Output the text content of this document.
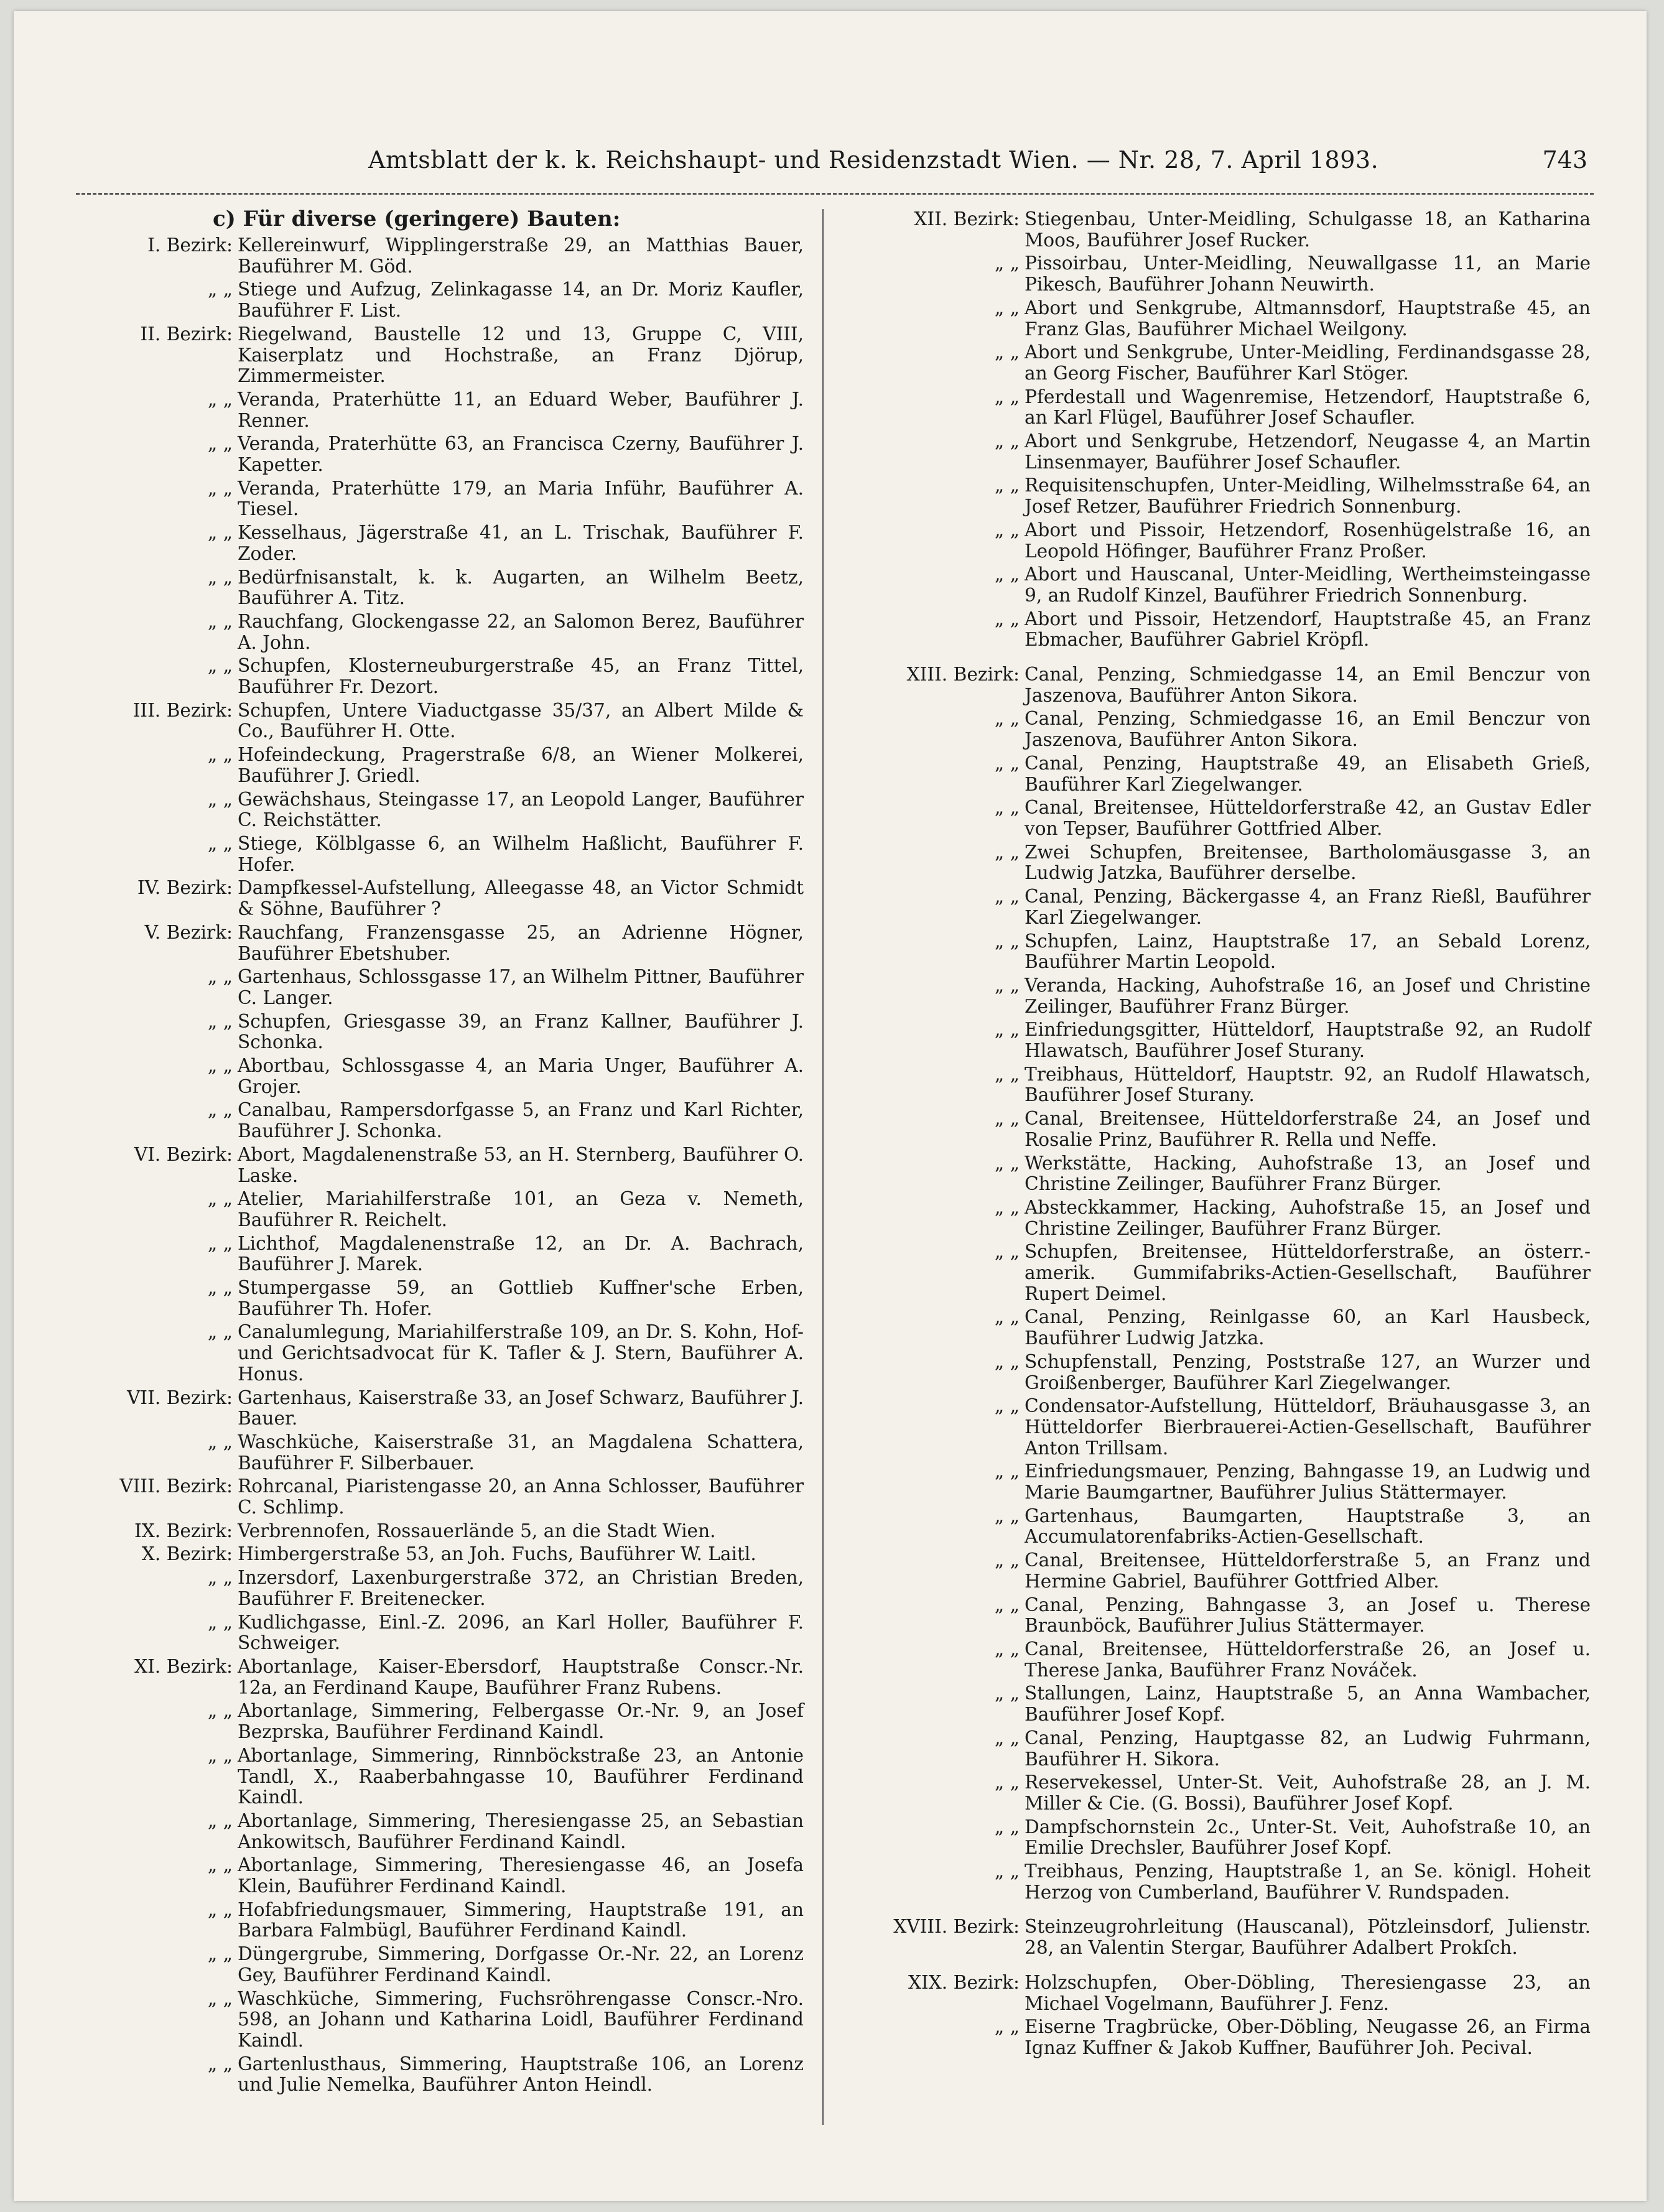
Amtsblatt der k. k. Reichshaupt- und Residenzstadt Wien. — Nr. 28, 7. April 1893.	743
c) Für diverse (geringere) Bauten:
I. Bezirk: Kellereinwurf, Wipplingerstraße 29, an Matthias Bauer, Bauführer M. Göd.
„ „ Stiege und Aufzug, Zelinkagasse 14, an Dr. Moriz Kaufler, Bauführer F. List.
II. Bezirk: Riegelwand, Baustelle 12 und 13, Gruppe C, VIII, Kaiserplatz und Hochstraße, an Franz Djörup, Zimmermeister.
„ „ Veranda, Praterhütte 11, an Eduard Weber, Bauführer J. Renner.
„ „ Veranda, Praterhütte 63, an Francisca Czerny, Bauführer J. Kapetter.
„ „ Veranda, Praterhütte 179, an Maria Inführ, Bauführer A. Tiesel.
„ „ Kesselhaus, Jägerstraße 41, an L. Trischak, Bauführer F. Zoder.
„ „ Bedürfnisanstalt, k. k. Augarten, an Wilhelm Beetz, Bauführer A. Titz.
„ „ Rauchfang, Glockengasse 22, an Salomon Berez, Bauführer A. John.
„ „ Schupfen, Klosterneuburgerstraße 45, an Franz Tittel, Bauführer Fr. Dezort.
III. Bezirk: Schupfen, Untere Viaductgasse 35/37, an Albert Milde & Co., Bauführer H. Otte.
„ „ Hofeindeckung, Pragerstraße 6/8, an Wiener Molkerei, Bauführer J. Griedl.
„ „ Gewächshaus, Steingasse 17, an Leopold Langer, Bauführer C. Reichstätter.
„ „ Stiege, Kölblgasse 6, an Wilhelm Haßlicht, Bauführer F. Hofer.
IV. Bezirk: Dampfkessel-Aufstellung, Alleegasse 48, an Victor Schmidt & Söhne, Bauführer ?
V. Bezirk: Rauchfang, Franzensgasse 25, an Adrienne Högner, Bauführer Ebetshuber.
„ „ Gartenhaus, Schlossgasse 17, an Wilhelm Pittner, Bauführer C. Langer.
„ „ Schupfen, Griesgasse 39, an Franz Kallner, Bauführer J. Schonka.
„ „ Abortbau, Schlossgasse 4, an Maria Unger, Bauführer A. Grojer.
„ „ Canalbau, Rampersdorfgasse 5, an Franz und Karl Richter, Bauführer J. Schonka.
VI. Bezirk: Abort, Magdalenenstraße 53, an H. Sternberg, Bauführer O. Laske.
„ „ Atelier, Mariahilferstraße 101, an Geza v. Nemeth, Bauführer R. Reichelt.
„ „ Lichthof, Magdalenenstraße 12, an Dr. A. Bachrach, Bauführer J. Marek.
„ „ Stumpergasse 59, an Gottlieb Kuffner'sche Erben, Bauführer Th. Hofer.
„ „ Canalumlegung, Mariahilferstraße 109, an Dr. S. Kohn, Hof- und Gerichtsadvocat für K. Tafler & J. Stern, Bauführer A. Honus.
VII. Bezirk: Gartenhaus, Kaiserstraße 33, an Josef Schwarz, Bauführer J. Bauer.
„ „ Waschküche, Kaiserstraße 31, an Magdalena Schattera, Bauführer F. Silberbauer.
VIII. Bezirk: Rohrcanal, Piaristengasse 20, an Anna Schlosser, Bauführer C. Schlimp.
IX. Bezirk: Verbrennofen, Rossauerlände 5, an die Stadt Wien.
X. Bezirk: Himbergerstraße 53, an Joh. Fuchs, Bauführer W. Laitl.
„ „ Inzersdorf, Laxenburgerstraße 372, an Christian Breden, Bauführer F. Breitenecker.
„ „ Kudlichgasse, Einl.-Z. 2096, an Karl Holler, Bauführer F. Schweiger.
XI. Bezirk: Abortanlage, Kaiser-Ebersdorf, Hauptstraße Conscr.-Nr. 12a, an Ferdinand Kaupe, Bauführer Franz Rubens.
„ „ Abortanlage, Simmering, Felbergasse Or.-Nr. 9, an Josef Bezprska, Bauführer Ferdinand Kaindl.
„ „ Abortanlage, Simmering, Rinnböckstraße 23, an Antonie Tandl, X., Raaberbahngasse 10, Bauführer Ferdinand Kaindl.
„ „ Abortanlage, Simmering, Theresiengasse 25, an Sebastian Ankowitsch, Bauführer Ferdinand Kaindl.
„ „ Abortanlage, Simmering, Theresiengasse 46, an Josefa Klein, Bauführer Ferdinand Kaindl.
„ „ Hofabfriedungsmauer, Simmering, Hauptstraße 191, an Barbara Falmbügl, Bauführer Ferdinand Kaindl.
„ „ Düngergrube, Simmering, Dorfgasse Or.-Nr. 22, an Lorenz Gey, Bauführer Ferdinand Kaindl.
„ „ Waschküche, Simmering, Fuchsröhrengasse Conscr.-Nro. 598, an Johann und Katharina Loidl, Bauführer Ferdinand Kaindl.
„ „ Gartenlusthaus, Simmering, Hauptstraße 106, an Lorenz und Julie Nemelka, Bauführer Anton Heindl.
XII. Bezirk: Stiegenbau, Unter-Meidling, Schulgasse 18, an Katharina Moos, Bauführer Josef Rucker.
„ „ Pissoirbau, Unter-Meidling, Neuwallgasse 11, an Marie Pikesch, Bauführer Johann Neuwirth.
„ „ Abort und Senkgrube, Altmannsdorf, Hauptstraße 45, an Franz Glas, Bauführer Michael Weilgony.
„ „ Abort und Senkgrube, Unter-Meidling, Ferdinandsgasse 28, an Georg Fischer, Bauführer Karl Stöger.
„ „ Pferdestall und Wagenremise, Hetzendorf, Hauptstraße 6, an Karl Flügel, Bauführer Josef Schaufler.
„ „ Abort und Senkgrube, Hetzendorf, Neugasse 4, an Martin Linsenmayer, Bauführer Josef Schaufler.
„ „ Requisitenschupfen, Unter-Meidling, Wilhelmsstraße 64, an Josef Retzer, Bauführer Friedrich Sonnenburg.
„ „ Abort und Pissoir, Hetzendorf, Rosenhügelstraße 16, an Leopold Höfinger, Bauführer Franz Proßer.
„ „ Abort und Hauscanal, Unter-Meidling, Wertheimsteingasse 9, an Rudolf Kinzel, Bauführer Friedrich Sonnenburg.
„ „ Abort und Pissoir, Hetzendorf, Hauptstraße 45, an Franz Ebmacher, Bauführer Gabriel Kröpfl.
XIII. Bezirk: Canal, Penzing, Schmiedgasse 14, an Emil Benczur von Jaszenova, Bauführer Anton Sikora.
„ „ Canal, Penzing, Schmiedgasse 16, an Emil Benczur von Jaszenova, Bauführer Anton Sikora.
„ „ Canal, Penzing, Hauptstraße 49, an Elisabeth Grieß, Bauführer Karl Ziegelwanger.
„ „ Canal, Breitensee, Hütteldorferstraße 42, an Gustav Edler von Tepser, Bauführer Gottfried Alber.
„ „ Zwei Schupfen, Breitensee, Bartholomäusgasse 3, an Ludwig Jatzka, Bauführer derselbe.
„ „ Canal, Penzing, Bäckergasse 4, an Franz Rießl, Bauführer Karl Ziegelwanger.
„ „ Schupfen, Lainz, Hauptstraße 17, an Sebald Lorenz, Bauführer Martin Leopold.
„ „ Veranda, Hacking, Auhofstraße 16, an Josef und Christine Zeilinger, Bauführer Franz Bürger.
„ „ Einfriedungsgitter, Hütteldorf, Hauptstraße 92, an Rudolf Hlawatsch, Bauführer Josef Sturany.
„ „ Treibhaus, Hütteldorf, Hauptstr. 92, an Rudolf Hlawatsch, Bauführer Josef Sturany.
„ „ Canal, Breitensee, Hütteldorferstraße 24, an Josef und Rosalie Prinz, Bauführer R. Rella und Neffe.
„ „ Werkstätte, Hacking, Auhofstraße 13, an Josef und Christine Zeilinger, Bauführer Franz Bürger.
„ „ Absteckkammer, Hacking, Auhofstraße 15, an Josef und Christine Zeilinger, Bauführer Franz Bürger.
„ „ Schupfen, Breitensee, Hütteldorferstraße, an österr.-amerik. Gummifabriks-Actien-Gesellschaft, Bauführer Rupert Deimel.
„ „ Canal, Penzing, Reinlgasse 60, an Karl Hausbeck, Bauführer Ludwig Jatzka.
„ „ Schupfenstall, Penzing, Poststraße 127, an Wurzer und Groißenberger, Bauführer Karl Ziegelwanger.
„ „ Condensator-Aufstellung, Hütteldorf, Bräuhausgasse 3, an Hütteldorfer Bierbrauerei-Actien-Gesellschaft, Bauführer Anton Trillsam.
„ „ Einfriedungsmauer, Penzing, Bahngasse 19, an Ludwig und Marie Baumgartner, Bauführer Julius Stättermayer.
„ „ Gartenhaus, Baumgarten, Hauptstraße 3, an Accumulatorenfabriks-Actien-Gesellschaft.
„ „ Canal, Breitensee, Hütteldorferstraße 5, an Franz und Hermine Gabriel, Bauführer Gottfried Alber.
„ „ Canal, Penzing, Bahngasse 3, an Josef u. Therese Braunböck, Bauführer Julius Stättermayer.
„ „ Canal, Breitensee, Hütteldorferstraße 26, an Josef u. Therese Janka, Bauführer Franz Nováček.
„ „ Stallungen, Lainz, Hauptstraße 5, an Anna Wambacher, Bauführer Josef Kopf.
„ „ Canal, Penzing, Hauptgasse 82, an Ludwig Fuhrmann, Bauführer H. Sikora.
„ „ Reservekessel, Unter-St. Veit, Auhofstraße 28, an J. M. Miller & Cie. (G. Bossi), Bauführer Josef Kopf.
„ „ Dampfschornstein 2c., Unter-St. Veit, Auhofstraße 10, an Emilie Drechsler, Bauführer Josef Kopf.
„ „ Treibhaus, Penzing, Hauptstraße 1, an Se. königl. Hoheit Herzog von Cumberland, Bauführer V. Rundspaden.
XVIII. Bezirk: Steinzeugrohrleitung (Hauscanal), Pötzleinsdorf, Julienstr. 28, an Valentin Stergar, Bauführer Adalbert Prokſch.
XIX. Bezirk: Holzschupfen, Ober-Döbling, Theresiengasse 23, an Michael Vogelmann, Bauführer J. Fenz.
„ „ Eiserne Tragbrücke, Ober-Döbling, Neugasse 26, an Firma Ignaz Kuffner & Jakob Kuffner, Bauführer Joh. Pecival.
